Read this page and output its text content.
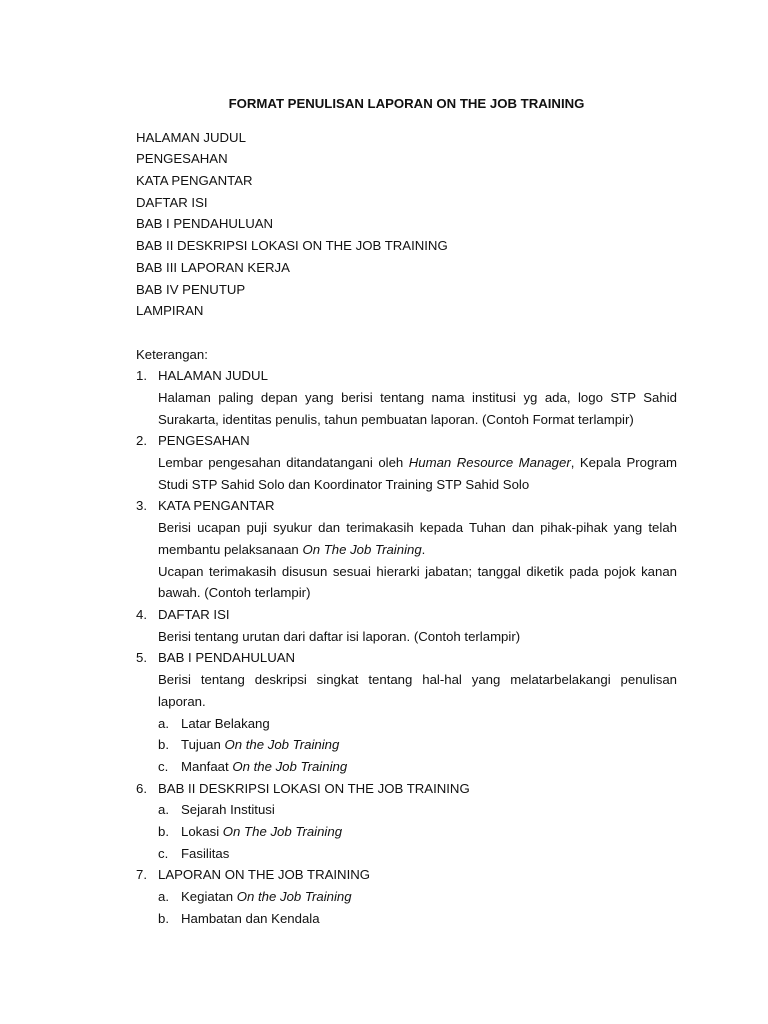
FORMAT PENULISAN LAPORAN ON THE JOB TRAINING

HALAMAN JUDUL

PENGESAHAN

KATA PENGANTAR

DAFTAR ISI

BAB I PENDAHULUAN

BAB II DESKRIPSI LOKASI ON THE JOB TRAINING

BAB III LAPORAN KERJA

BAB IV PENUTUP

LAMPIRAN

Keterangan:

1. HALAMAN JUDUL

Halaman paling depan yang berisi tentang nama institusi yg ada, logo STP Sahid Surakarta, identitas penulis, tahun pembuatan laporan. (Contoh Format terlampir)

2. PENGESAHAN

Lembar pengesahan ditandatangani oleh Human Resource Manager, Kepala Program Studi STP Sahid Solo dan Koordinator Training STP Sahid Solo

3. KATA PENGANTAR

Berisi ucapan puji syukur dan terimakasih kepada Tuhan dan pihak-pihak yang telah membantu pelaksanaan On The Job Training.

Ucapan terimakasih disusun sesuai hierarki jabatan; tanggal diketik pada pojok kanan bawah. (Contoh terlampir)

4. DAFTAR ISI

Berisi tentang urutan dari daftar isi laporan. (Contoh terlampir)

5. BAB I PENDAHULUAN

Berisi tentang deskripsi singkat tentang hal-hal yang melatarbelakangi penulisan laporan.

a. Latar Belakang
b. Tujuan On the Job Training
c. Manfaat On the Job Training
6. BAB II DESKRIPSI LOKASI ON THE JOB TRAINING

a. Sejarah Institusi
b. Lokasi On The Job Training
c. Fasilitas
7. LAPORAN ON THE JOB TRAINING

a. Kegiatan On the Job Training
b. Hambatan dan Kendala
